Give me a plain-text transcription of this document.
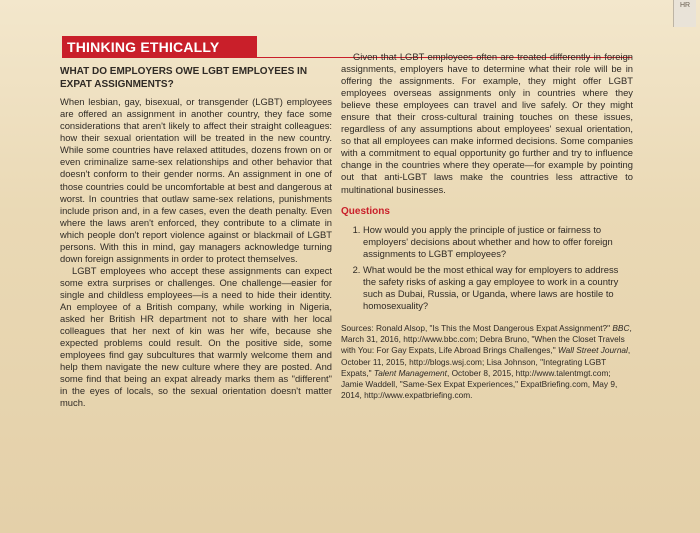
HR
THINKING ETHICALLY

WHAT DO EMPLOYERS OWE LGBT EMPLOYEES IN EXPAT ASSIGNMENTS?

When lesbian, gay, bisexual, or transgender (LGBT) employees are offered an assignment in another country, they face some considerations that aren't likely to affect their straight colleagues: how their sexual orientation will be treated in the new country. While some countries have relaxed attitudes, dozens frown on or even criminalize same-sex relationships and other behavior that doesn't conform to their gender norms. An assignment in one of those countries could be uncomfortable at best and dangerous at worst. In countries that outlaw same-sex relations, punishments include prison and, in a few cases, even the death penalty. Even where the laws aren't enforced, they contribute to a climate in which people don't report violence against or blackmail of LGBT persons. With this in mind, gay managers acknowledge turning down foreign assignments in order to protect themselves.

LGBT employees who accept these assignments can expect some extra surprises or challenges. One challenge—easier for single and childless employees—is a need to hide their identity. An employee of a British company, while working in Nigeria, asked her British HR department not to share with her local colleagues that her next of kin was her wife, because she expected problems could result. On the positive side, some employees find gay subcultures that warmly welcome them and help them navigate the new culture where they are posted. And some find that being an expat already marks them as "different" in the eyes of locals, so the sexual orientation doesn't matter much.

Given that LGBT employees often are treated differently in foreign assignments, employers have to determine what their role will be in offering the assignments. For example, they might offer LGBT employees overseas assignments only in countries where they believe these employees can travel and live safely. Or they might ensure that their cross-cultural training touches on these issues, regardless of any assumptions about employees' sexual orientation, so that all employees can make informed decisions. Some companies with a commitment to equal opportunity go further and try to influence change in the countries where they operate—for example by pointing out that anti-LGBT laws make the countries less attractive to multinational businesses.

Questions
1. How would you apply the principle of justice or fairness to employers' decisions about whether and how to offer foreign assignments to LGBT employees?
2. What would be the most ethical way for employers to address the safety risks of asking a gay employee to work in a country such as Dubai, Russia, or Uganda, where laws are hostile to homosexuality?
Sources: Ronald Alsop, "Is This the Most Dangerous Expat Assignment?" BBC, March 31, 2016, http://www.bbc.com; Debra Bruno, "When the Closet Travels with You: For Gay Expats, Life Abroad Brings Challenges," Wall Street Journal, October 11, 2015, http://blogs.wsj.com; Lisa Johnson, "Integrating LGBT Expats," Talent Management, October 8, 2015, http://www.talentmgt.com; Jamie Waddell, "Same-Sex Expat Experiences," ExpatBriefing.com, May 9, 2014, http://www.expatbriefing.com.
